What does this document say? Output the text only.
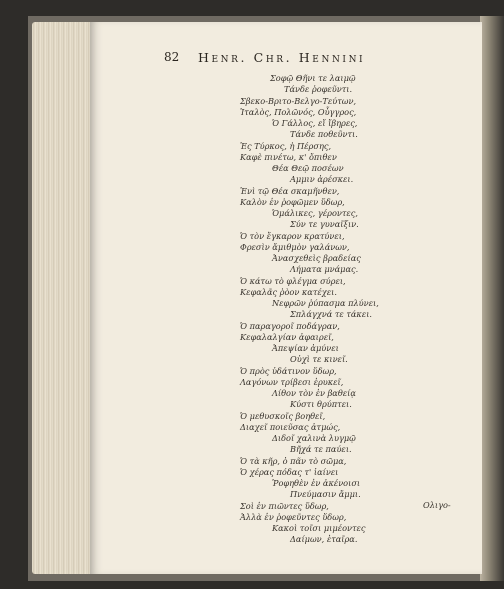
82 Henr. Chr. Hennini
Σοφῷ Θῆνι τε λαιμῷ
Τάνδε ῥοφεῦντι.
Σβεκο-Βριτο-Βελγο-Τεύτων,
Ἰταλὸς, Πολῶνός, Οὖγγρος,
Ὁ Γάλλος, εἴ ἴβηρες,
Τάνδε ποθεῦντι.
Ἐς Τύρκος, ἡ Πέρσης,
Καφὲ πινέτω, κ' ὄπιθεν
Θέα Θεῷ ποσέων
Αμμιν ἀρέσκει.
Ἐνὶ τῷ Θέα σκαμῆνθεν,
Καλὸν ἐν ῥοφῶμεν ὕδωρ,
Ὁμάλικες, γέροντες,
Σύν τε γυναῖξιν.
Ὁ τὸν ἔγκαρον κρατύνει,
Φρεσὶν ἄμιθμὸν γαλάνων,
Ἀνασχεθεὶς βραδείας
Λήματα μνάμας.
Ὁ κάτω τὸ φλέγμα σύρει,
Κεφαλᾶς ῥὸον κατέχει.
Νεφρῶν ῥύπασμα πλύνει,
Σπλάγχνά τε τάκει.
Ὁ παραγοροῖ ποδάγραν,
Κεφαλαλγίαν ἀφαιρεῖ,
Ἀπεψίαν ἀμύνει
Οὐχὶ τε κινεῖ.
Ὁ πρὸς ὑδάτινον ὕδωρ,
Λαγόνων τρίβεσι ἐρυκεῖ,
Λίθον τὸν ἐν βαθείᾳ
Κύστι θρύπτει.
Ὁ μεθυσκοῖς βοηθεῖ,
Διαχεῖ ποιεῦσας ἀτμώς,
Διδοῖ χαλινὰ λυγμῷ
Βῆχά τε παύει.
Ὁ τὰ κῆρ, ὁ πᾶν τὸ σῶμα,
Ὁ χέρας πόδας τ' ἰαίνει
Ῥοφηθὲν ἐν ἀκένοισι
Πνεύμασιν ἄμμι.
Σοὶ ἐν πιῶντες ὕδωρ,
Ἀλλὰ ἐν ῥοφεῦντες ὕδωρ,
Κακοὶ τοῖσι μιμέοντες
Δαίμων, ἑταῖρα.
Ολιγο-
